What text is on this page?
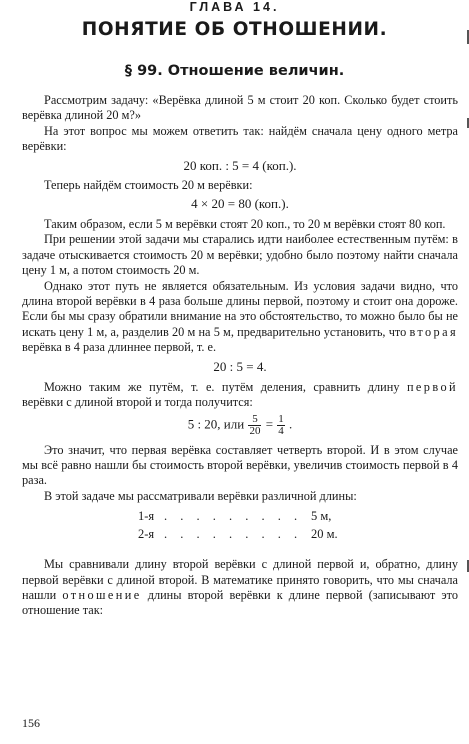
ГЛАВА 14.
ПОНЯТИЕ ОБ ОТНОШЕНИИ.
§ 99. Отношение величин.

Рассмотрим задачу: «Верёвка длиной 5 м стоит 20 коп. Сколько будет стоить верёвка длиной 20 м?»

На этот вопрос мы можем ответить так: найдём сначала цену одного метра верёвки:

20 коп. : 5 = 4 (коп.).

Теперь найдём стоимость 20 м верёвки:

4 × 20 = 80 (коп.).

Таким образом, если 5 м верёвки стоят 20 коп., то 20 м верёвки стоят 80 коп.

При решении этой задачи мы старались идти наиболее естественным путём: в задаче отыскивается стоимость 20 м верёвки; удобно было поэтому найти сначала цену 1 м, а потом стоимость 20 м.

Однако этот путь не является обязательным. Из условия задачи видно, что длина второй верёвки в 4 раза больше длины первой, поэтому и стоит она дороже. Если бы мы сразу обратили внимание на это обстоятельство, то можно было бы не искать цену 1 м, а, разделив 20 м на 5 м, предварительно установить, что вторая верёвка в 4 раза длиннее первой, т. е.

20 : 5 = 4.

Можно таким же путём, т. е. путём деления, сравнить длину первой верёвки с длиной второй и тогда получится:

5 : 20, или $\frac{5}{20} = \frac{1}{4}$ .

Это значит, что первая верёвка составляет четверть второй. И в этом случае мы всё равно нашли бы стоимость второй верёвки, увеличив стоимость первой в 4 раза.

В этой задаче мы рассматривали верёвки различной длины:

1-я . . . . . . . . . 5 м,
2-я . . . . . . . . . 20 м.

Мы сравнивали длину второй верёвки с длиной первой и, обратно, длину первой верёвки с длиной второй. В математике принято говорить, что мы сначала нашли отношение длины второй верёвки к длине первой (записывают это отношение так:

156
